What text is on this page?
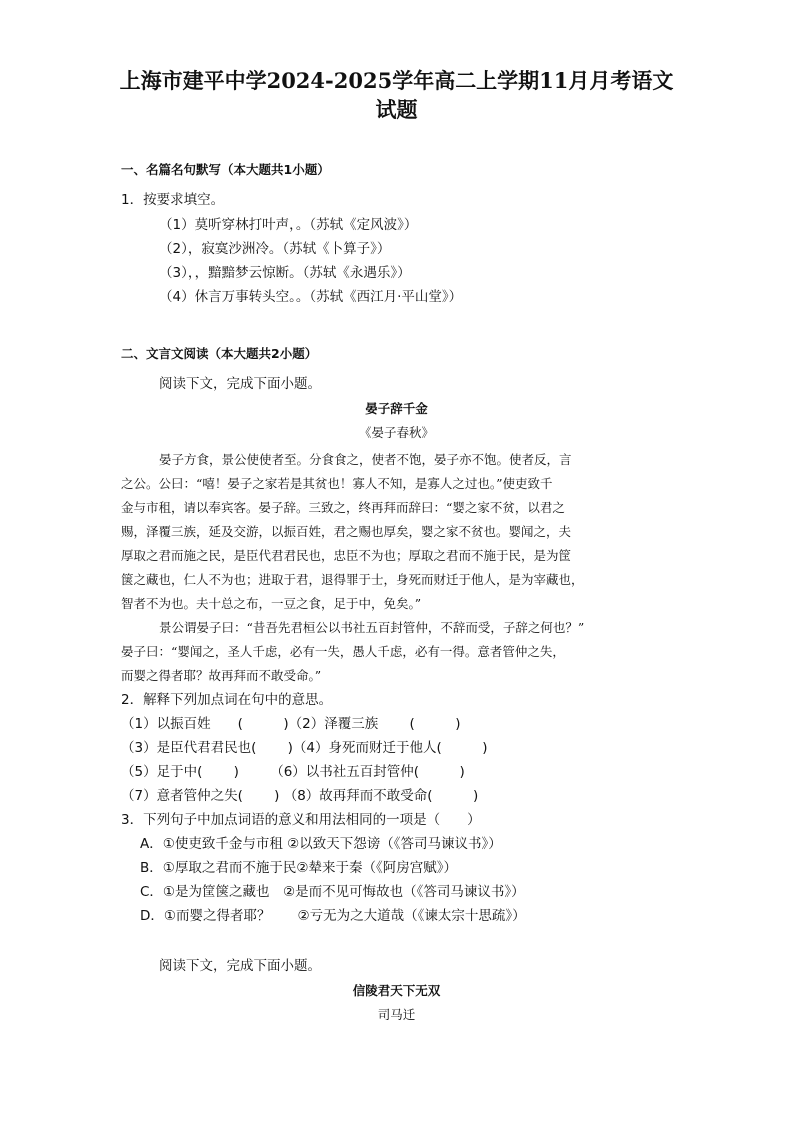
上海市建平中学2024-2025学年高二上学期11月月考语文
试题
一、名篇名句默写（本大题共1小题）
1．按要求填空。
（1）莫听穿林打叶声，。（苏轼《定风波》）
（2），寂寞沙洲冷。（苏轼《卜算子》）
（3），，黯黯梦云惊断。（苏轼《永遇乐》）
（4）休言万事转头空。。（苏轼《西江月·平山堂》）
二、文言文阅读（本大题共2小题）
阅读下文，完成下面小题。
晏子辞千金
《晏子春秋》
晏子方食，景公使使者至。分食食之，使者不饱，晏子亦不饱。使者反，言
之公。公曰：“嘻！晏子之家若是其贫也！寡人不知，是寡人之过也。”使吏致千
金与市租，请以奉宾客。晏子辞。三致之，终再拜而辞曰：“婴之家不贫，以君之
赐，泽覆三族，延及交游，以振百姓，君之赐也厚矣，婴之家不贫也。婴闻之，夫
厚取之君而施之民，是臣代君君民也，忠臣不为也；厚取之君而不施于民，是为筐
箧之藏也，仁人不为也；进取于君，退得罪于士，身死而财迁于他人，是为宰藏也，
智者不为也。夫十总之布，一豆之食，足于中，免矣。”
景公谓晏子曰：“昔吾先君桓公以书社五百封管仲，不辞而受，子辞之何也？”
晏子曰：“婴闻之，圣人千虑，必有一失，愚人千虑，必有一得。意者管仲之失，
而婴之得者耶？故再拜而不敢受命。”
2．解释下列加点词在句中的意思。
（1）以振百姓　　(　　　)（2）泽覆三族　　 (　　　)
（3）是臣代君君民也(　　 )（4）身死而财迁于他人(　　　)
（5）足于中(　　 )　　 （6）以书社五百封管仲(　　　)
（7）意者管仲之失(　　 ) （8）故再拜而不敢受命(　　　)
3．下列句子中加点词语的意义和用法相同的一项是（　　）
A．①使吏致千金与市租 ②以致天下怨谤（《答司马谏议书》）
B．①厚取之君而不施于民②辇来于秦（《阿房宫赋》）
C．①是为筐箧之藏也　②是而不见可悔故也（《答司马谏议书》）
D．①而婴之得者耶？　　②亏无为之大道哉（《谏太宗十思疏》）
阅读下文，完成下面小题。
信陵君天下无双
司马迁
